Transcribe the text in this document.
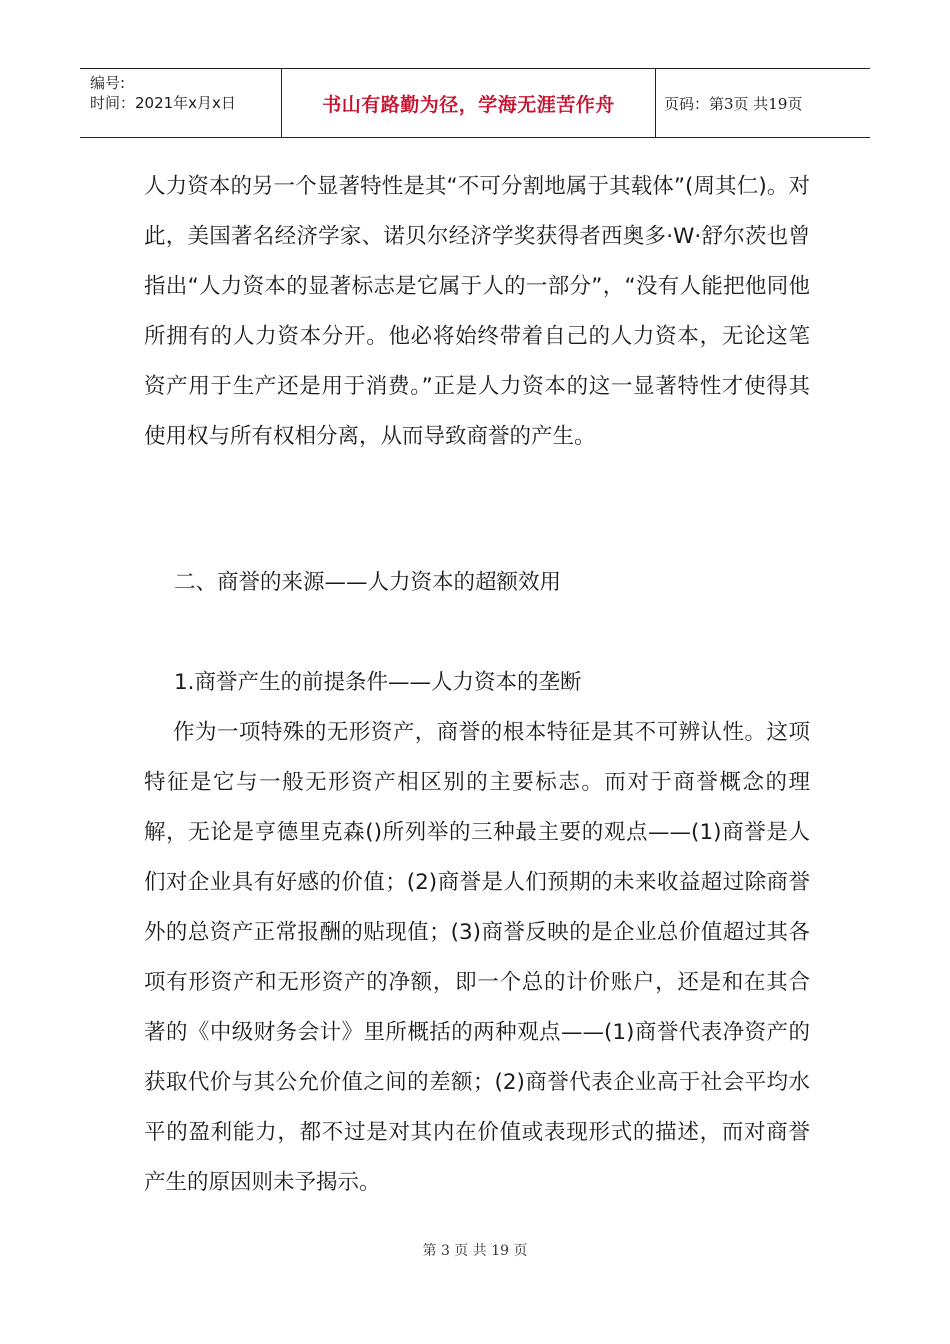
编号:
时间：2021年x月x日	书山有路勤为径，学海无涯苦作舟	页码：第3页 共19页

人力资本的另一个显著特性是其“不可分割地属于其载体”(周其仁)。对此，美国著名经济学家、诺贝尔经济学奖获得者西奥多·W·舒尔茨也曾指出“人力资本的显著标志是它属于人的一部分”，“没有人能把他同他所拥有的人力资本分开。他必将始终带着自己的人力资本，无论这笔资产用于生产还是用于消费。”正是人力资本的这一显著特性才使得其使用权与所有权相分离，从而导致商誉的产生。

二、商誉的来源——人力资本的超额效用
1.商誉产生的前提条件——人力资本的垄断

作为一项特殊的无形资产，商誉的根本特征是其不可辨认性。这项特征是它与一般无形资产相区别的主要标志。而对于商誉概念的理解，无论是亨德里克森()所列举的三种最主要的观点——(1)商誉是人们对企业具有好感的价值；(2)商誉是人们预期的未来收益超过除商誉外的总资产正常报酬的贴现值；(3)商誉反映的是企业总价值超过其各项有形资产和无形资产的净额，即一个总的计价账户，还是和在其合著的《中级财务会计》里所概括的两种观点——(1)商誉代表净资产的获取代价与其公允价值之间的差额；(2)商誉代表企业高于社会平均水平的盈利能力，都不过是对其内在价值或表现形式的描述，而对商誉产生的原因则未予揭示。

第 3 页 共 19 页
